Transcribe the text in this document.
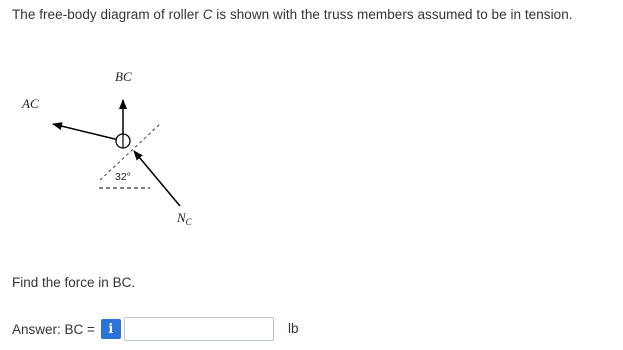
The free-body diagram of roller C is shown with the truss members assumed to be in tension.
BC
AC
32°
$N_C$
Find the force in BC.
Answer: BC =	i	lb
